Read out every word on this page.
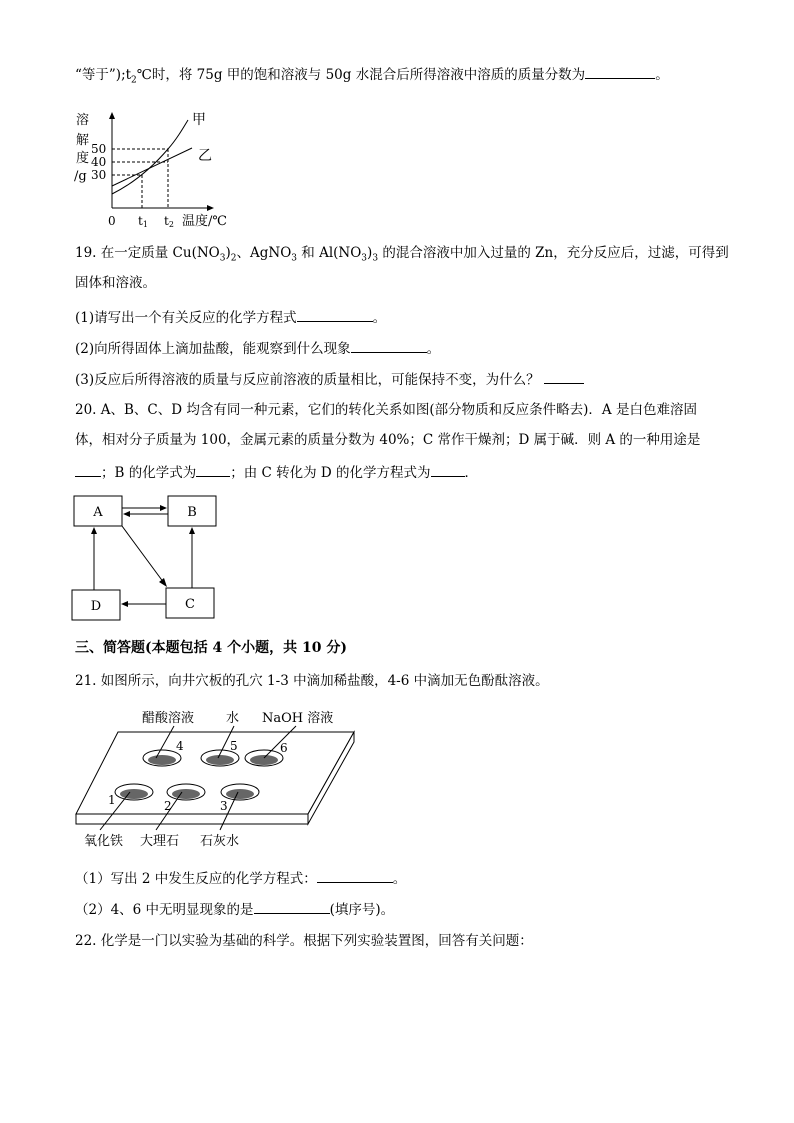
“等于$”);t_2℃$时，将 75g 甲的饱和溶液与 50g 水混合后所得溶液中溶质的质量分数为	。
溶
解
度
/g
50
40
30
甲
乙
0 t1 t2 温度/℃
19. 在一定质量 $Cu(NO_3)_2$、AgNO$_3$ 和 $Al(NO_3)_3$ 的混合溶液中加入过量的 Zn，充分反应后，过滤，可得到
固体和溶液。
(1)请写出一个有关反应的化学方程式	。
(2)向所得固体上滴加盐酸，能观察到什么现象	。
(3)反应后所得溶液的质量与反应前溶液的质量相比，可能保持不变，为什么？
20. A、B、C、D 均含有同一种元素，它们的转化关系如图(部分物质和反应条件略去)．A 是白色难溶固
体，相对分子质量为 100，金属元素的质量分数为 40%；C 常作干燥剂；D 属于碱．则 A 的一种用途是
；B 的化学式为	；由 C 转化为 D 的化学方程式为	．
A	B
C
D
三、简答题(本题包括 4 个小题，共 10 分)
21. 如图所示，向井穴板的孔穴 1-3 中滴加稀盐酸，4-6 中滴加无色酚酞溶液。
醋酸溶液 水 NaOH 溶液
4	5	6
1	2	3
氧化铁 大理石 石灰水
（1）写出 2 中发生反应的化学方程式：	。
（2）4、6 中无明显现象的是	(填序号)。
22. 化学是一门以实验为基础的科学。根据下列实验装置图，回答有关问题：
